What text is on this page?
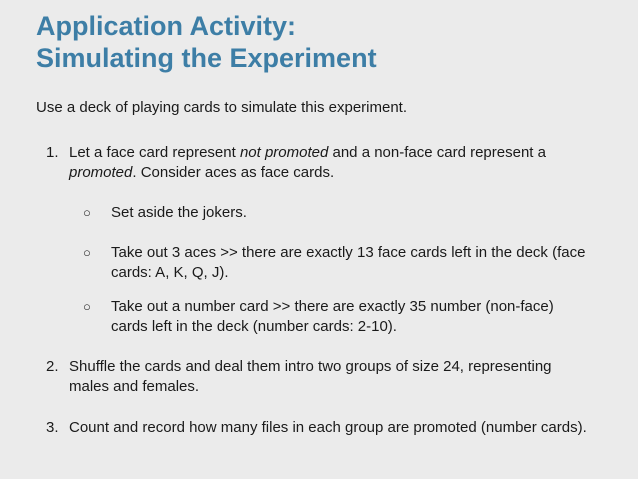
Application Activity:
Simulating the Experiment

Use a deck of playing cards to simulate this experiment.

1. Let a face card represent not promoted and a non-face card represent a promoted. Consider aces as face cards.
○ Set aside the jokers.
○ Take out 3 aces >> there are exactly 13 face cards left in the deck (face cards: A, K, Q, J).
○ Take out a number card >> there are exactly 35 number (non-face) cards left in the deck (number cards: 2-10).
2. Shuffle the cards and deal them intro two groups of size 24, representing males and females.
3. Count and record how many files in each group are promoted (number cards).
